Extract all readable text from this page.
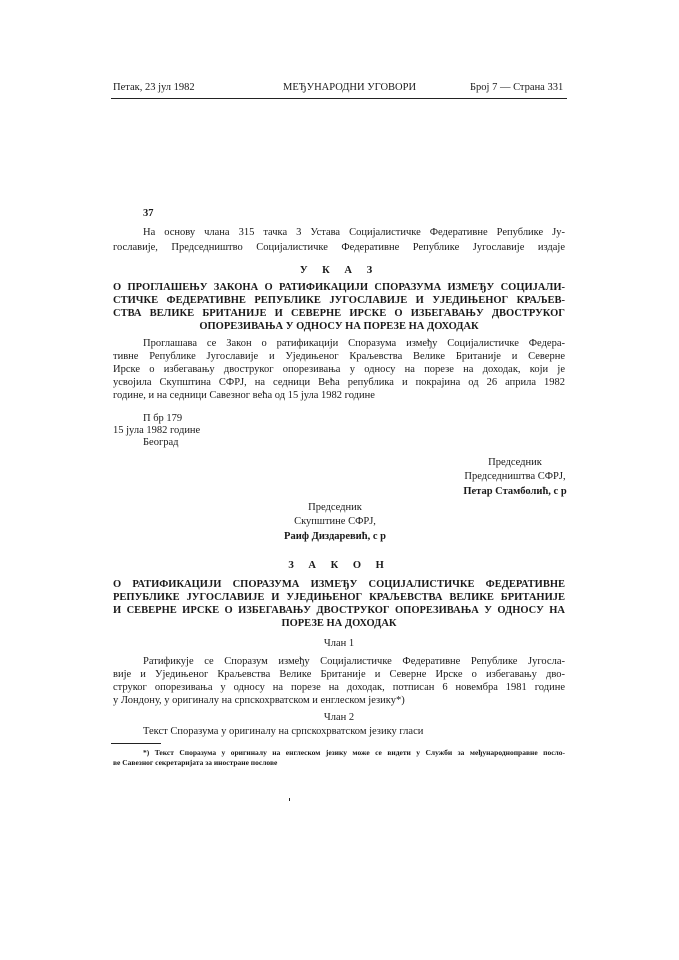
Петак, 23 јул 1982	МЕЂУНАРОДНИ УГОВОРИ	Број 7 — Страна 331
37
На основу члана 315 тачка 3 Устава Социјалистичке Федеративне Републике Ју-
гославије, Председништво Социјалистичке Федеративне Републике Југославије издаје
У К А З
О ПРОГЛАШЕЊУ ЗАКОНА О РАТИФИКАЦИЈИ СПОРАЗУМА ИЗМЕЂУ СОЦИЈАЛИ-
СТИЧКЕ ФЕДЕРАТИВНЕ РЕПУБЛИКЕ ЈУГОСЛАВИЈЕ И УЈЕДИЊЕНОГ КРАЉЕВ-
СТВА ВЕЛИКЕ БРИТАНИЈЕ И СЕВЕРНЕ ИРСКЕ О ИЗБЕГАВАЊУ ДВОСТРУКОГ
ОПОРЕЗИВАЊА У ОДНОСУ НА ПОРЕЗЕ НА ДОХОДАК
Проглашава се Закон о ратификацији Споразума између Социјалистичке Федера-
тивне Републике Југославије и Уједињеног Краљевства Велике Британије и Северне
Ирске о избегавању двоструког опорезивања у односу на порезе на доходак, који је
усвојила Скупштина СФРЈ, на седници Већа република и покрајина од 26 априла 1982
године, и на седници Савезног већа од 15 јула 1982 године
П бр 179
15 јула 1982 године
Београд
Председник
Председништва СФРЈ,
Петар Стамболић, с р
Председник
Скупштине СФРЈ,
Раиф Диздаревић, с р
З А К О Н
О РАТИФИКАЦИЈИ СПОРАЗУМА ИЗМЕЂУ СОЦИЈАЛИСТИЧКЕ ФЕДЕРАТИВНЕ
РЕПУБЛИКЕ ЈУГОСЛАВИЈЕ И УЈЕДИЊЕНОГ КРАЉЕВСТВА ВЕЛИКЕ БРИТАНИЈЕ
И СЕВЕРНЕ ИРСКЕ О ИЗБЕГАВАЊУ ДВОСТРУКОГ ОПОРЕЗИВАЊА У ОДНОСУ НА
ПОРЕЗЕ НА ДОХОДАК
Члан 1
Ратификује се Споразум између Социјалистичке Федеративне Републике Југосла-
вије и Уједињеног Краљевства Велике Британије и Северне Ирске о избегавању дво-
струког опорезивања у односу на порезе на доходак, потписан 6 новембра 1981 године
у Лондону, у оригиналу на српскохрватском и енглеском језику*)
Члан 2
Текст Споразума у оригиналу на српскохрватском језику гласи
*) Текст Споразума у оригиналу на енглеском језику може се видети у Служби за међународноправне посло-
ве Савезног секретаријата за иностране послове
